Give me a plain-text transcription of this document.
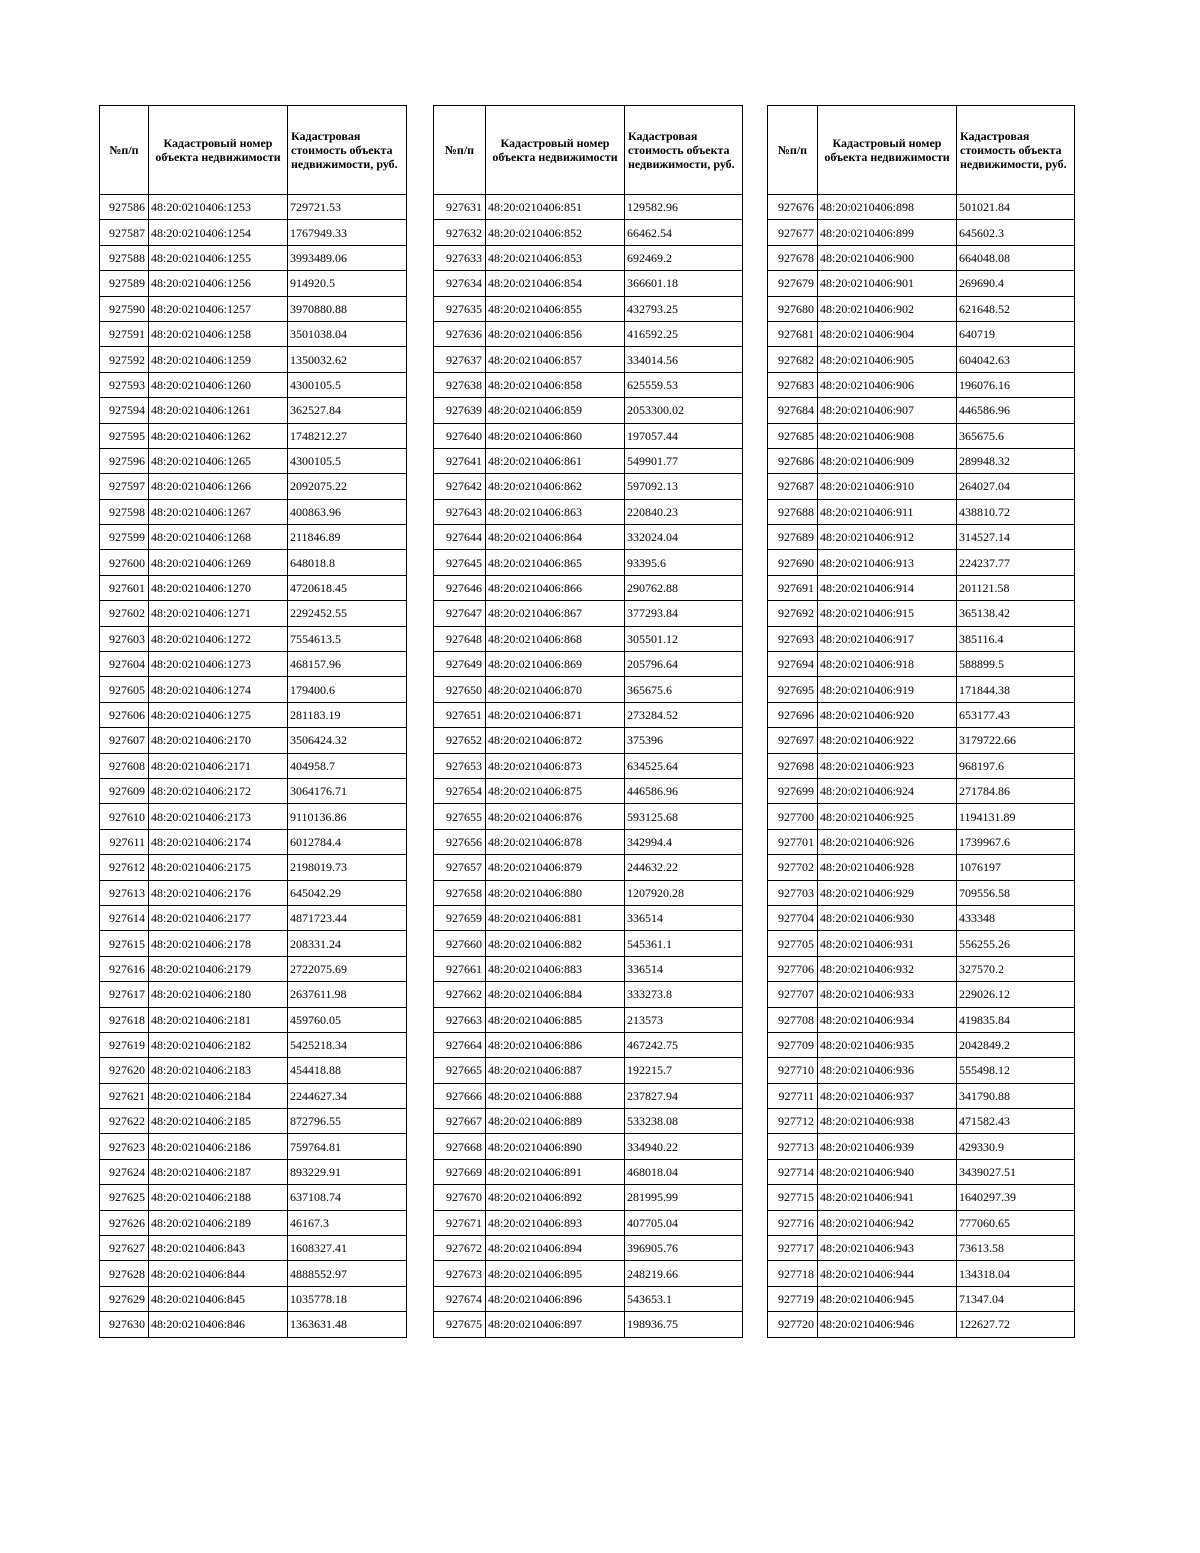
№п/п	Кадастровый номер объекта недвижимости	Кадастровая стоимость объекта недвижимости, руб.
927586	48:20:0210406:1253	729721.53
927587	48:20:0210406:1254	1767949.33
927588	48:20:0210406:1255	3993489.06
927589	48:20:0210406:1256	914920.5
927590	48:20:0210406:1257	3970880.88
927591	48:20:0210406:1258	3501038.04
927592	48:20:0210406:1259	1350032.62
927593	48:20:0210406:1260	4300105.5
927594	48:20:0210406:1261	362527.84
927595	48:20:0210406:1262	1748212.27
927596	48:20:0210406:1265	4300105.5
927597	48:20:0210406:1266	2092075.22
927598	48:20:0210406:1267	400863.96
927599	48:20:0210406:1268	211846.89
927600	48:20:0210406:1269	648018.8
927601	48:20:0210406:1270	4720618.45
927602	48:20:0210406:1271	2292452.55
927603	48:20:0210406:1272	7554613.5
927604	48:20:0210406:1273	468157.96
927605	48:20:0210406:1274	179400.6
927606	48:20:0210406:1275	281183.19
927607	48:20:0210406:2170	3506424.32
927608	48:20:0210406:2171	404958.7
927609	48:20:0210406:2172	3064176.71
927610	48:20:0210406:2173	9110136.86
927611	48:20:0210406:2174	6012784.4
927612	48:20:0210406:2175	2198019.73
927613	48:20:0210406:2176	645042.29
927614	48:20:0210406:2177	4871723.44
927615	48:20:0210406:2178	208331.24
927616	48:20:0210406:2179	2722075.69
927617	48:20:0210406:2180	2637611.98
927618	48:20:0210406:2181	459760.05
927619	48:20:0210406:2182	5425218.34
927620	48:20:0210406:2183	454418.88
927621	48:20:0210406:2184	2244627.34
927622	48:20:0210406:2185	872796.55
927623	48:20:0210406:2186	759764.81
927624	48:20:0210406:2187	893229.91
927625	48:20:0210406:2188	637108.74
927626	48:20:0210406:2189	46167.3
927627	48:20:0210406:843	1608327.41
927628	48:20:0210406:844	4888552.97
927629	48:20:0210406:845	1035778.18
927630	48:20:0210406:846	1363631.48
№п/п	Кадастровый номер объекта недвижимости	Кадастровая стоимость объекта недвижимости, руб.
927631	48:20:0210406:851	129582.96
927632	48:20:0210406:852	66462.54
927633	48:20:0210406:853	692469.2
927634	48:20:0210406:854	366601.18
927635	48:20:0210406:855	432793.25
927636	48:20:0210406:856	416592.25
927637	48:20:0210406:857	334014.56
927638	48:20:0210406:858	625559.53
927639	48:20:0210406:859	2053300.02
927640	48:20:0210406:860	197057.44
927641	48:20:0210406:861	549901.77
927642	48:20:0210406:862	597092.13
927643	48:20:0210406:863	220840.23
927644	48:20:0210406:864	332024.04
927645	48:20:0210406:865	93395.6
927646	48:20:0210406:866	290762.88
927647	48:20:0210406:867	377293.84
927648	48:20:0210406:868	305501.12
927649	48:20:0210406:869	205796.64
927650	48:20:0210406:870	365675.6
927651	48:20:0210406:871	273284.52
927652	48:20:0210406:872	375396
927653	48:20:0210406:873	634525.64
927654	48:20:0210406:875	446586.96
927655	48:20:0210406:876	593125.68
927656	48:20:0210406:878	342994.4
927657	48:20:0210406:879	244632.22
927658	48:20:0210406:880	1207920.28
927659	48:20:0210406:881	336514
927660	48:20:0210406:882	545361.1
927661	48:20:0210406:883	336514
927662	48:20:0210406:884	333273.8
927663	48:20:0210406:885	213573
927664	48:20:0210406:886	467242.75
927665	48:20:0210406:887	192215.7
927666	48:20:0210406:888	237827.94
927667	48:20:0210406:889	533238.08
927668	48:20:0210406:890	334940.22
927669	48:20:0210406:891	468018.04
927670	48:20:0210406:892	281995.99
927671	48:20:0210406:893	407705.04
927672	48:20:0210406:894	396905.76
927673	48:20:0210406:895	248219.66
927674	48:20:0210406:896	543653.1
927675	48:20:0210406:897	198936.75
№п/п	Кадастровый номер объекта недвижимости	Кадастровая стоимость объекта недвижимости, руб.
927676	48:20:0210406:898	501021.84
927677	48:20:0210406:899	645602.3
927678	48:20:0210406:900	664048.08
927679	48:20:0210406:901	269690.4
927680	48:20:0210406:902	621648.52
927681	48:20:0210406:904	640719
927682	48:20:0210406:905	604042.63
927683	48:20:0210406:906	196076.16
927684	48:20:0210406:907	446586.96
927685	48:20:0210406:908	365675.6
927686	48:20:0210406:909	289948.32
927687	48:20:0210406:910	264027.04
927688	48:20:0210406:911	438810.72
927689	48:20:0210406:912	314527.14
927690	48:20:0210406:913	224237.77
927691	48:20:0210406:914	201121.58
927692	48:20:0210406:915	365138.42
927693	48:20:0210406:917	385116.4
927694	48:20:0210406:918	588899.5
927695	48:20:0210406:919	171844.38
927696	48:20:0210406:920	653177.43
927697	48:20:0210406:922	3179722.66
927698	48:20:0210406:923	968197.6
927699	48:20:0210406:924	271784.86
927700	48:20:0210406:925	1194131.89
927701	48:20:0210406:926	1739967.6
927702	48:20:0210406:928	1076197
927703	48:20:0210406:929	709556.58
927704	48:20:0210406:930	433348
927705	48:20:0210406:931	556255.26
927706	48:20:0210406:932	327570.2
927707	48:20:0210406:933	229026.12
927708	48:20:0210406:934	419835.84
927709	48:20:0210406:935	2042849.2
927710	48:20:0210406:936	555498.12
927711	48:20:0210406:937	341790.88
927712	48:20:0210406:938	471582.43
927713	48:20:0210406:939	429330.9
927714	48:20:0210406:940	3439027.51
927715	48:20:0210406:941	1640297.39
927716	48:20:0210406:942	777060.65
927717	48:20:0210406:943	73613.58
927718	48:20:0210406:944	134318.04
927719	48:20:0210406:945	71347.04
927720	48:20:0210406:946	122627.72
